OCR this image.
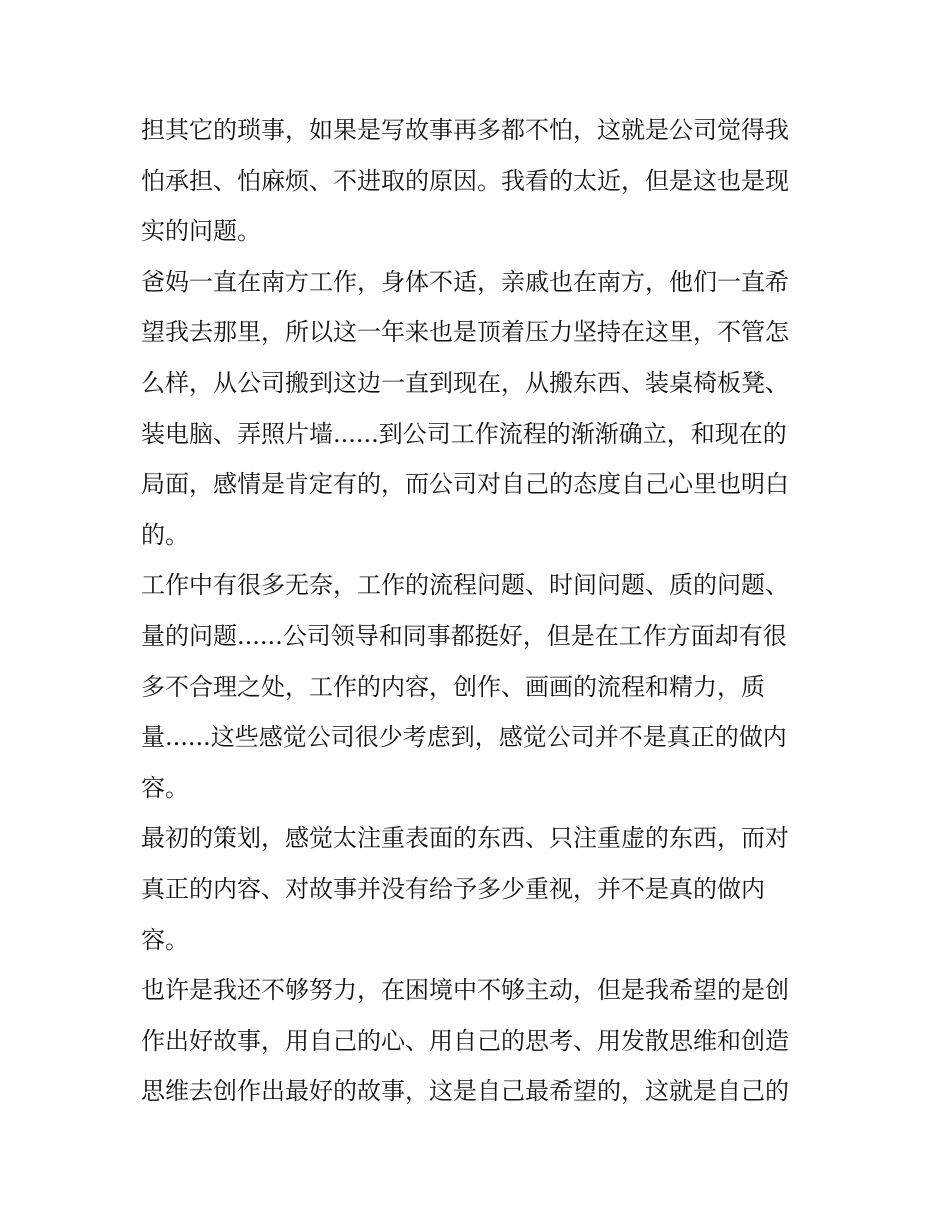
担其它的琐事，如果是写故事再多都不怕，这就是公司觉得我
怕承担、怕麻烦、不进取的原因。我看的太近，但是这也是现
实的问题。

爸妈一直在南方工作，身体不适，亲戚也在南方，他们一直希
望我去那里，所以这一年来也是顶着压力坚持在这里，不管怎
么样，从公司搬到这边一直到现在，从搬东西、装桌椅板凳、
装电脑、弄照片墙......到公司工作流程的渐渐确立，和现在的
局面，感情是肯定有的，而公司对自己的态度自己心里也明白
的。

工作中有很多无奈，工作的流程问题、时间问题、质的问题、
量的问题......公司领导和同事都挺好，但是在工作方面却有很
多不合理之处，工作的内容，创作、画画的流程和精力，质
量......这些感觉公司很少考虑到，感觉公司并不是真正的做内
容。

最初的策划，感觉太注重表面的东西、只注重虚的东西，而对
真正的内容、对故事并没有给予多少重视，并不是真的做内
容。

也许是我还不够努力，在困境中不够主动，但是我希望的是创
作出好故事，用自己的心、用自己的思考、用发散思维和创造
思维去创作出最好的故事，这是自己最希望的，这就是自己的
